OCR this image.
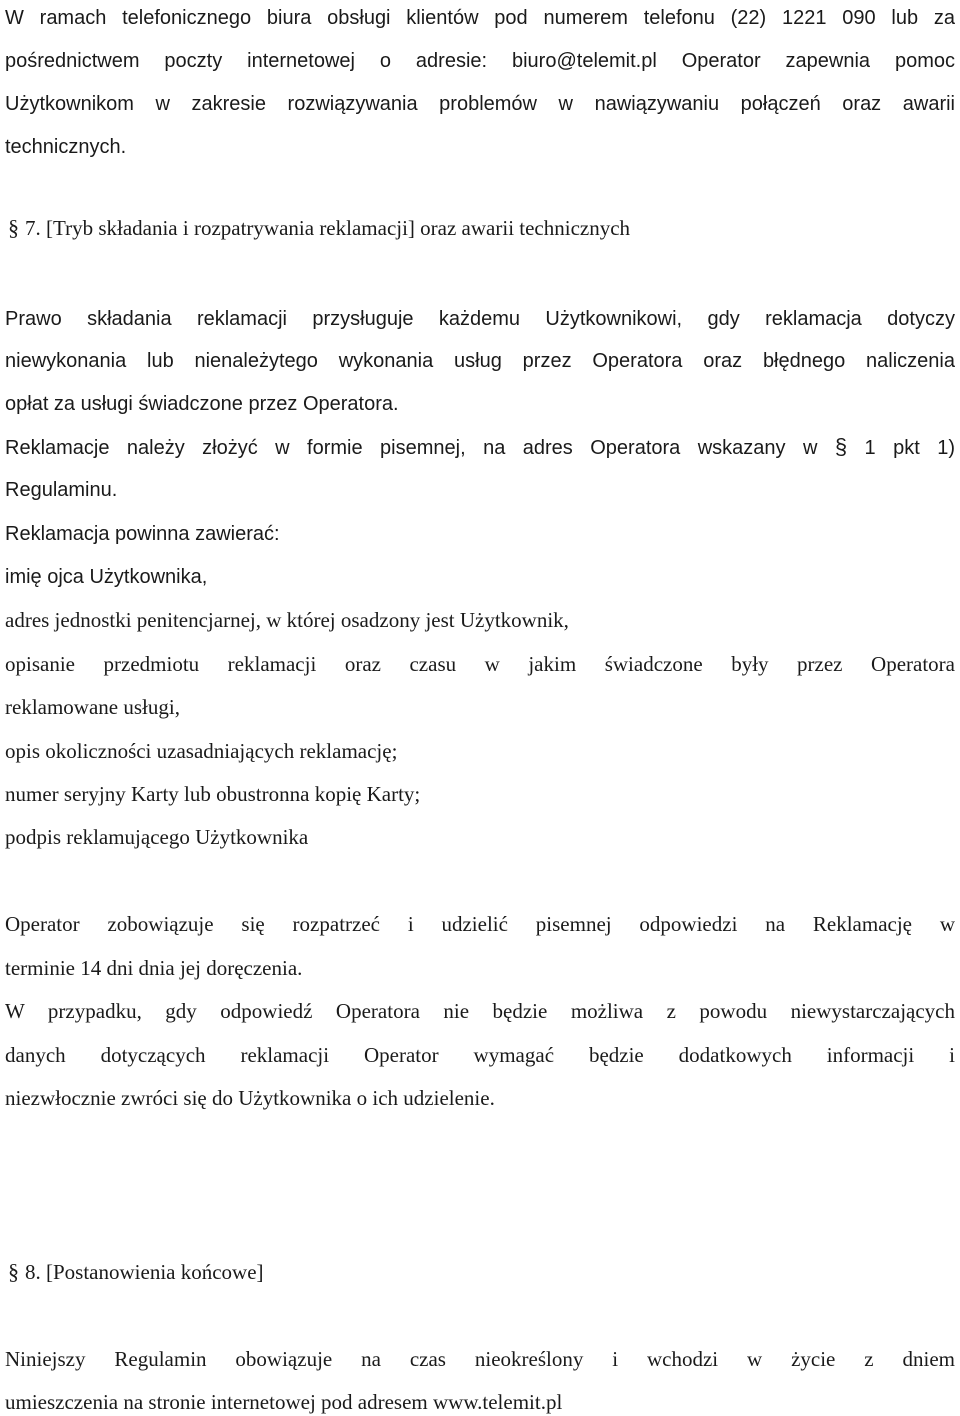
W ramach telefonicznego biura obsługi klientów pod numerem telefonu (22) 1221 090 lub za
pośrednictwem poczty internetowej o adresie: biuro@telemit.pl Operator zapewnia pomoc
Użytkownikom w zakresie rozwiązywania problemów w nawiązywaniu połączeń oraz awarii
technicznych.
§ 7. [Tryb składania i rozpatrywania reklamacji] oraz awarii technicznych
Prawo składania reklamacji przysługuje każdemu Użytkownikowi, gdy reklamacja dotyczy
niewykonania lub nienależytego wykonania usług przez Operatora oraz błędnego naliczenia
opłat za usługi świadczone przez Operatora.
Reklamacje należy złożyć w formie pisemnej, na adres Operatora wskazany w § 1 pkt 1)
Regulaminu.
Reklamacja powinna zawierać:
imię ojca Użytkownika,
adres jednostki penitencjarnej, w której osadzony jest Użytkownik,
opisanie przedmiotu reklamacji oraz czasu w jakim świadczone były przez Operatora
reklamowane usługi,
opis okoliczności uzasadniających reklamację;
numer seryjny Karty lub obustronna kopię Karty;
podpis reklamującego Użytkownika
Operator zobowiązuje się rozpatrzeć i udzielić pisemnej odpowiedzi na Reklamację w
terminie 14 dni dnia jej doręczenia.
W przypadku, gdy odpowiedź Operatora nie będzie możliwa z powodu niewystarczających
danych dotyczących reklamacji Operator wymagać będzie dodatkowych informacji i
niezwłocznie zwróci się do Użytkownika o ich udzielenie.
§ 8. [Postanowienia końcowe]
Niniejszy Regulamin obowiązuje na czas nieokreślony i wchodzi w życie z dniem
umieszczenia na stronie internetowej pod adresem www.telemit.pl
